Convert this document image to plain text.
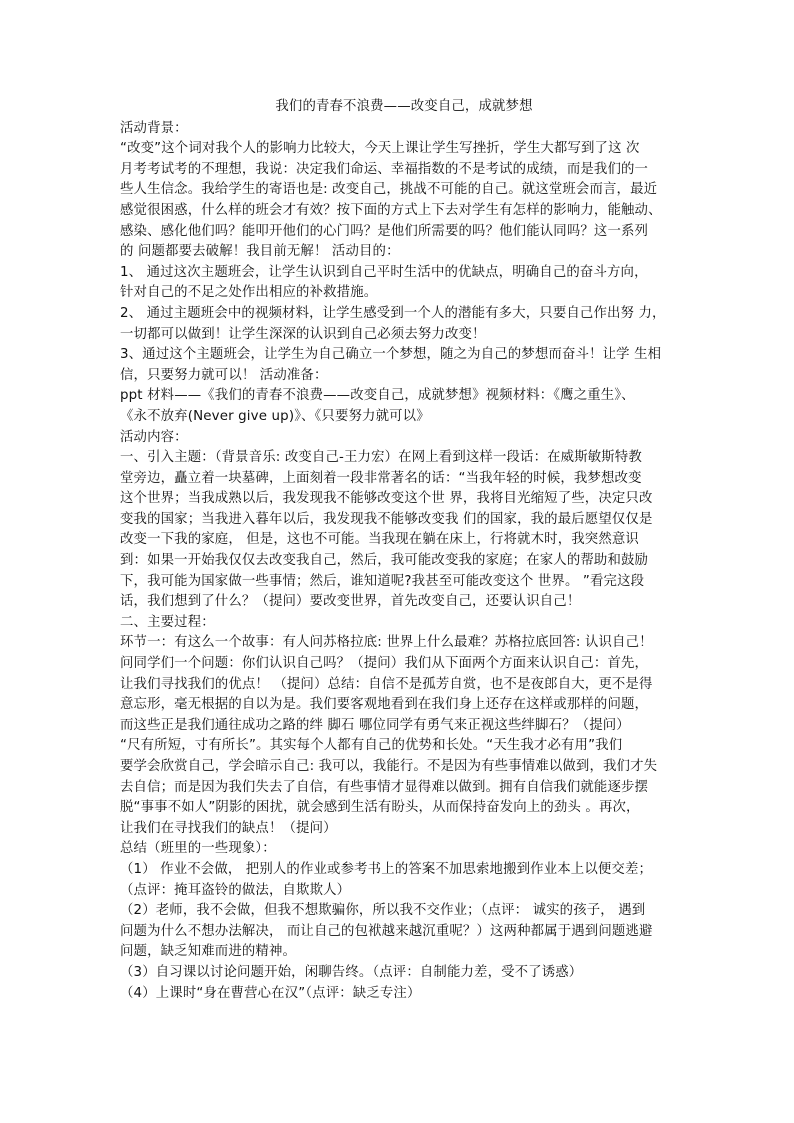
我们的青春不浪费——改变自己，成就梦想
活动背景：
“改变”这个词对我个人的影响力比较大，今天上课让学生写挫折，学生大都写到了这 次
月考考试考的不理想，我说：决定我们命运、幸福指数的不是考试的成绩，而是我们的一
些人生信念。我给学生的寄语也是: 改变自己，挑战不可能的自己。就这堂班会而言，最近
感觉很困惑，什么样的班会才有效？按下面的方式上下去对学生有怎样的影响力，能触动、
感染、感化他们吗？能叩开他们的心门吗？是他们所需要的吗？他们能认同吗？这一系列
的 问题都要去破解！我目前无解！ 活动目的：
1、 通过这次主题班会，让学生认识到自己平时生活中的优缺点，明确自己的奋斗方向，
针对自己的不足之处作出相应的补救措施。
2、 通过主题班会中的视频材料，让学生感受到一个人的潜能有多大，只要自己作出努 力，
一切都可以做到！让学生深深的认识到自己必须去努力改变！
3、通过这个主题班会，让学生为自己确立一个梦想，随之为自己的梦想而奋斗！让学 生相
信，只要努力就可以！ 活动准备：
ppt 材料——《我们的青春不浪费——改变自己，成就梦想》视频材料：《鹰之重生》、
《永不放弃(Never give up)》、《只要努力就可以》
活动内容：
一、引入主题：（背景音乐: 改变自己-王力宏）在网上看到这样一段话：在威斯敏斯特教
堂旁边，矗立着一块墓碑，上面刻着一段非常著名的话：“当我年轻的时候，我梦想改变
这个世界；当我成熟以后，我发现我不能够改变这个世 界，我将目光缩短了些，决定只改
变我的国家；当我进入暮年以后，我发现我不能够改变我 们的国家，我的最后愿望仅仅是
改变一下我的家庭， 但是，这也不可能。当我现在躺在床上，行将就木时，我突然意识
到：如果一开始我仅仅去改变我自己，然后，我可能改变我的家庭；在家人的帮助和鼓励
下，我可能为国家做一些事情；然后，谁知道呢?我甚至可能改变这个 世界。 ”看完这段
话，我们想到了什么？（提问）要改变世界，首先改变自己，还要认识自己！
二、主要过程：
环节一：有这么一个故事：有人问苏格拉底: 世界上什么最难？苏格拉底回答: 认识自己！
问同学们一个问题：你们认识自己吗？（提问）我们从下面两个方面来认识自己：首先，
让我们寻找我们的优点！ （提问）总结：自信不是孤芳自赏，也不是夜郎自大，更不是得
意忘形，毫无根据的自以为是。我们要客观地看到在我们身上还存在这样或那样的问题，
而这些正是我们通往成功之路的绊 脚石 哪位同学有勇气来正视这些绊脚石？（提问）
“尺有所短，寸有所长”。其实每个人都有自己的优势和长处。“天生我才必有用”我们
要学会欣赏自己，学会暗示自己: 我可以，我能行。不是因为有些事情难以做到，我们才失
去自信；而是因为我们失去了自信，有些事情才显得难以做到。拥有自信我们就能逐步摆
脱“事事不如人”阴影的困扰，就会感到生活有盼头，从而保持奋发向上的劲头 。再次，
让我们在寻找我们的缺点！（提问）
总结（班里的一些现象）：
（1） 作业不会做， 把别人的作业或参考书上的答案不加思索地搬到作业本上以便交差；
（点评：掩耳盗铃的做法，自欺欺人）
（2）老师，我不会做，但我不想欺骗你，所以我不交作业；（点评： 诚实的孩子， 遇到
问题为什么不想办法解决， 而让自己的包袱越来越沉重呢？）这两种都属于遇到问题逃避
问题，缺乏知难而进的精神。
（3）自习课以讨论问题开始，闲聊告终。（点评：自制能力差，受不了诱惑）
（4）上课时“身在曹营心在汉”（点评：缺乏专注）
